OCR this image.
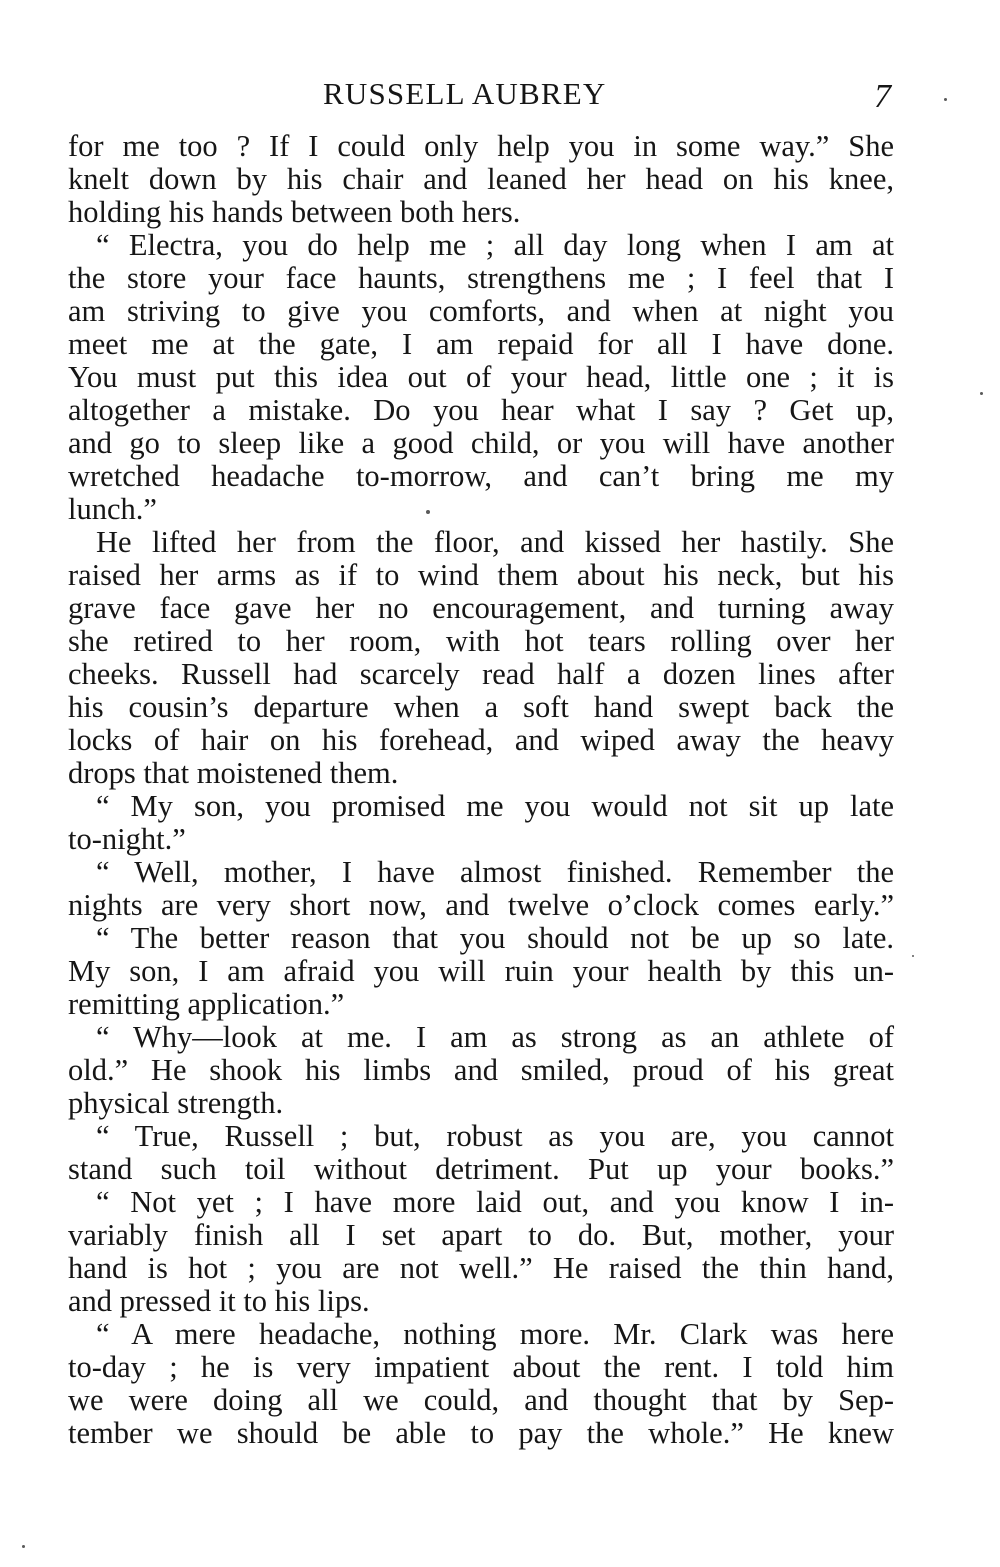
RUSSELL AUBREY	7
for me too ? If I could only help you in some way.” She
knelt down by his chair and leaned her head on his knee,
holding his hands between both hers.
“ Electra, you do help me ; all day long when I am at
the store your face haunts, strengthens me ; I feel that I
am striving to give you comforts, and when at night you
meet me at the gate, I am repaid for all I have done.
You must put this idea out of your head, little one ; it is
altogether a mistake. Do you hear what I say ? Get up,
and go to sleep like a good child, or you will have another
wretched headache to-morrow, and can’t bring me my
lunch.”
He lifted her from the floor, and kissed her hastily. She
raised her arms as if to wind them about his neck, but his
grave face gave her no encouragement, and turning away
she retired to her room, with hot tears rolling over her
cheeks. Russell had scarcely read half a dozen lines after
his cousin’s departure when a soft hand swept back the
locks of hair on his forehead, and wiped away the heavy
drops that moistened them.
“ My son, you promised me you would not sit up late
to-night.”
“ Well, mother, I have almost finished. Remember the
nights are very short now, and twelve o’clock comes early.”
“ The better reason that you should not be up so late.
My son, I am afraid you will ruin your health by this un-
remitting application.”
“ Why—look at me. I am as strong as an athlete of
old.” He shook his limbs and smiled, proud of his great
physical strength.
“ True, Russell ; but, robust as you are, you cannot
stand such toil without detriment. Put up your books.”
“ Not yet ; I have more laid out, and you know I in-
variably finish all I set apart to do. But, mother, your
hand is hot ; you are not well.” He raised the thin hand,
and pressed it to his lips.
“ A mere headache, nothing more. Mr. Clark was here
to-day ; he is very impatient about the rent. I told him
we were doing all we could, and thought that by Sep-
tember we should be able to pay the whole.” He knew
